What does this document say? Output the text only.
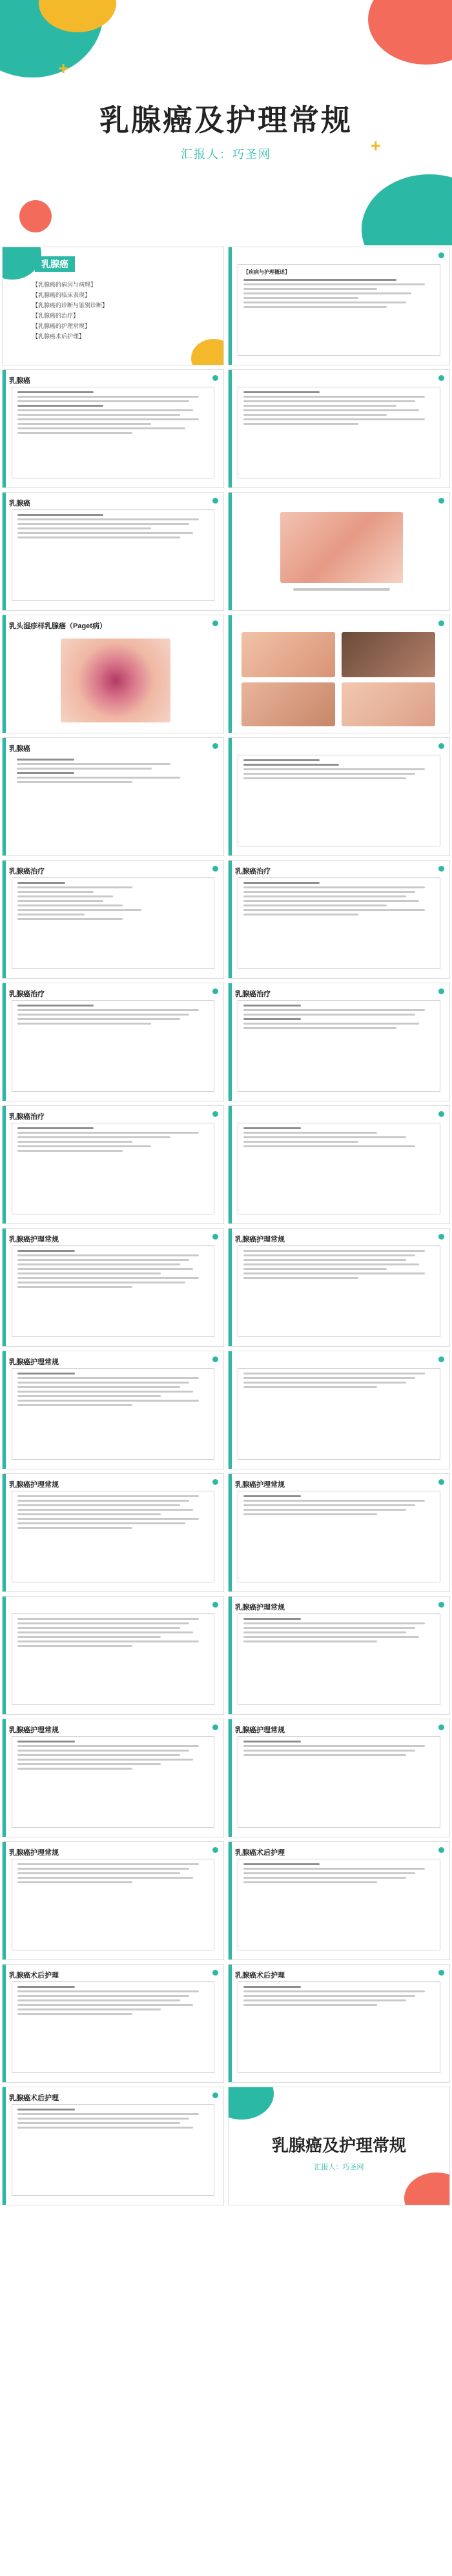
+
+
乳腺癌及护理常规
汇报人：巧圣网
乳腺癌
【乳腺癌的病因与病理】
【乳腺癌的临床表现】
【乳腺癌的诊断与鉴别诊断】
【乳腺癌的治疗】
【乳腺癌的护理常规】
【乳腺癌术后护理】
【疾病与护理概述】
乳腺癌
乳腺癌
乳头湿疹样乳腺癌（Paget病）
乳腺癌
乳腺癌治疗	乳腺癌治疗
乳腺癌治疗	乳腺癌治疗
乳腺癌治疗
乳腺癌护理常规	乳腺癌护理常规
乳腺癌护理常规
乳腺癌护理常规	乳腺癌护理常规
乳腺癌护理常规
乳腺癌护理常规	乳腺癌护理常规
乳腺癌护理常规	乳腺癌术后护理
乳腺癌术后护理	乳腺癌术后护理
乳腺癌术后护理
乳腺癌及护理常规
汇报人：巧圣网
